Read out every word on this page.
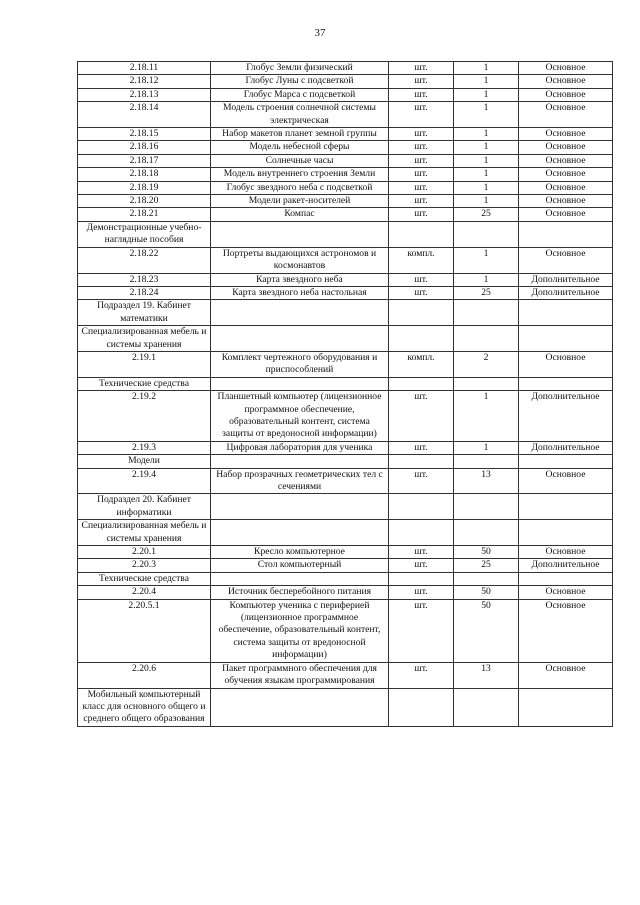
37
2.18.11	Глобус Земли физический	шт.	1	Основное
2.18.12	Глобус Луны с подсветкой	шт.	1	Основное
2.18.13	Глобус Марса с подсветкой	шт.	1	Основное
2.18.14	Модель строения солнечной системы электрическая	шт.	1	Основное
2.18.15	Набор макетов планет земной группы	шт.	1	Основное
2.18.16	Модель небесной сферы	шт.	1	Основное
2.18.17	Солнечные часы	шт.	1	Основное
2.18.18	Модель внутреннего строения Земли	шт.	1	Основное
2.18.19	Глобус звездного неба с подсветкой	шт.	1	Основное
2.18.20	Модели ракет-носителей	шт.	1	Основное
2.18.21	Компас	шт.	25	Основное
Демонстрационные учебно-наглядные пособия				
2.18.22	Портреты выдающихся астрономов и космонавтов	компл.	1	Основное
2.18.23	Карта звездного неба	шт.	1	Дополнительное
2.18.24	Карта звездного неба настольная	шт.	25	Дополнительное
Подраздел 19. Кабинет математики				
Специализированная мебель и системы хранения				
2.19.1	Комплект чертежного оборудования и приспособлений	компл.	2	Основное
Технические средства				
2.19.2	Планшетный компьютер (лицензионное программное обеспечение, образовательный контент, система защиты от вредоносной информации)	шт.	1	Дополнительное
2.19.3	Цифровая лаборатория для ученика	шт.	1	Дополнительное
Модели				
2.19.4	Набор прозрачных геометрических тел с сечениями	шт.	13	Основное
Подраздел 20. Кабинет информатики				
Специализированная мебель и системы хранения				
2.20.1	Кресло компьютерное	шт.	50	Основное
2.20.3	Стол компьютерный	шт.	25	Дополнительное
Технические средства				
2.20.4	Источник бесперебойного питания	шт.	50	Основное
2.20.5.1	Компьютер ученика с периферией (лицензионное программное обеспечение, образовательный контент, система защиты от вредоносной информации)	шт.	50	Основное
2.20.6	Пакет программного обеспечения для обучения языкам программирования	шт.	13	Основное
Мобильный компьютерный класс для основного общего и среднего общего образования				
